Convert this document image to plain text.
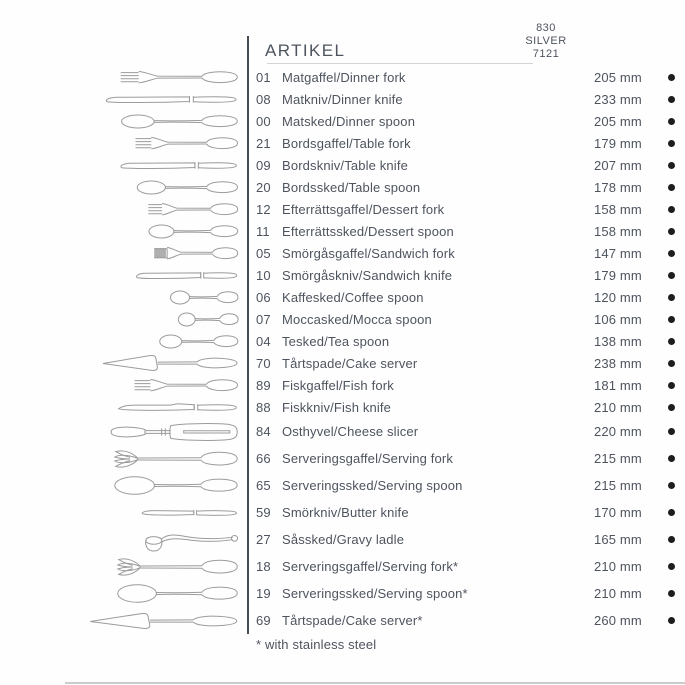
830
SILVER
7121
ARTIKEL
01 Matgaffel/Dinner fork	205 mm
08 Matkniv/Dinner knife	233 mm
00 Matsked/Dinner spoon	205 mm
21 Bordsgaffel/Table fork	179 mm
09 Bordskniv/Table knife	207 mm
20 Bordssked/Table spoon	178 mm
12 Efterrättsgaffel/Dessert fork	158 mm
11 Efterrättssked/Dessert spoon	158 mm
05 Smörgåsgaffel/Sandwich fork	147 mm
10 Smörgåskniv/Sandwich knife	179 mm
06 Kaffesked/Coffee spoon	120 mm
07 Moccasked/Mocca spoon	106 mm
04 Tesked/Tea spoon	138 mm
70 Tårtspade/Cake server	238 mm
89 Fiskgaffel/Fish fork	181 mm
88 Fiskkniv/Fish knife	210 mm
84 Osthyvel/Cheese slicer	220 mm
66 Serveringsgaffel/Serving fork	215 mm
65 Serveringssked/Serving spoon	215 mm
59 Smörkniv/Butter knife	170 mm
27 Såssked/Gravy ladle	165 mm
18 Serveringsgaffel/Serving fork*	210 mm
19 Serveringssked/Serving spoon*	210 mm
69 Tårtspade/Cake server*	260 mm
* with stainless steel
